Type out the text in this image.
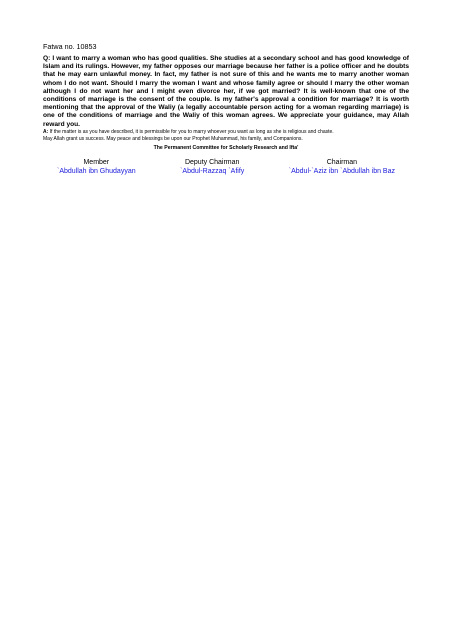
Fatwa no. 10853

Q: I want to marry a woman who has good qualities. She studies at a secondary school and has good knowledge of Islam and its rulings. However, my father opposes our marriage because her father is a police officer and he doubts that he may earn unlawful money. In fact, my father is not sure of this and he wants me to marry another woman whom I do not want. Should I marry the woman I want and whose family agree or should I marry the other woman although I do not want her and I might even divorce her, if we got married? It is well-known that one of the conditions of marriage is the consent of the couple. Is my father's approval a condition for marriage? It is worth mentioning that the approval of the Waliy (a legally accountable person acting for a woman regarding marriage) is one of the conditions of marriage and the Waliy of this woman agrees. We appreciate your guidance, may Allah reward you.

A: If the matter is as you have described, it is permissible for you to marry whoever you want as long as she is religious and chaste.

May Allah grant us success. May peace and blessings be upon our Prophet Muhammad, his family, and Companions.

The Permanent Committee for Scholarly Research and Ifta'
Member
`Abdullah ibn Ghudayyan
Deputy Chairman
`Abdul-Razzaq `Afify
Chairman
`Abdul-`Aziz ibn `Abdullah ibn Baz
